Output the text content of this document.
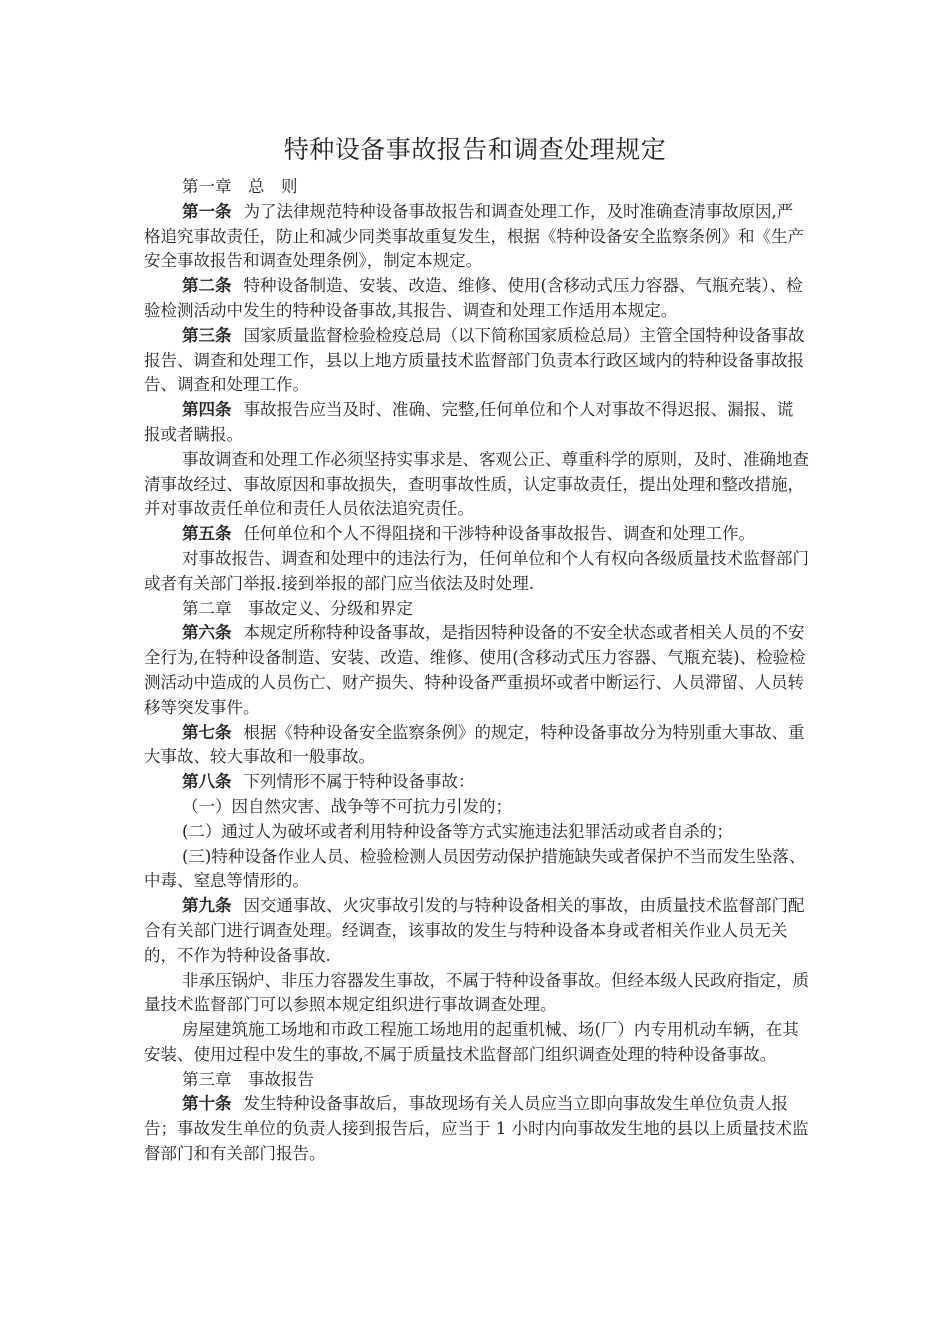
特种设备事故报告和调查处理规定

第一章　总　则

第一条 为了法律规范特种设备事故报告和调查处理工作，及时准确查清事故原因,严格追究事故责任，防止和减少同类事故重复发生，根据《特种设备安全监察条例》和《生产安全事故报告和调查处理条例》，制定本规定。

第二条 特种设备制造、安装、改造、维修、使用(含移动式压力容器、气瓶充装）、检验检测活动中发生的特种设备事故,其报告、调查和处理工作适用本规定。

第三条 国家质量监督检验检疫总局（以下简称国家质检总局）主管全国特种设备事故报告、调查和处理工作，县以上地方质量技术监督部门负责本行政区域内的特种设备事故报告、调查和处理工作。

第四条 事故报告应当及时、准确、完整,任何单位和个人对事故不得迟报、漏报、谎报或者瞒报。

事故调查和处理工作必须坚持实事求是、客观公正、尊重科学的原则，及时、准确地查清事故经过、事故原因和事故损失，查明事故性质，认定事故责任，提出处理和整改措施，并对事故责任单位和责任人员依法追究责任。

第五条 任何单位和个人不得阻挠和干涉特种设备事故报告、调查和处理工作。

对事故报告、调查和处理中的违法行为，任何单位和个人有权向各级质量技术监督部门或者有关部门举报.接到举报的部门应当依法及时处理.

第二章　事故定义、分级和界定

第六条 本规定所称特种设备事故，是指因特种设备的不安全状态或者相关人员的不安全行为,在特种设备制造、安装、改造、维修、使用(含移动式压力容器、气瓶充装)、检验检测活动中造成的人员伤亡、财产损失、特种设备严重损坏或者中断运行、人员滞留、人员转移等突发事件。

第七条 根据《特种设备安全监察条例》的规定，特种设备事故分为特别重大事故、重大事故、较大事故和一般事故。

第八条 下列情形不属于特种设备事故：

（一）因自然灾害、战争等不可抗力引发的；

(二）通过人为破坏或者利用特种设备等方式实施违法犯罪活动或者自杀的；

(三)特种设备作业人员、检验检测人员因劳动保护措施缺失或者保护不当而发生坠落、中毒、窒息等情形的。

第九条 因交通事故、火灾事故引发的与特种设备相关的事故，由质量技术监督部门配合有关部门进行调查处理。经调查，该事故的发生与特种设备本身或者相关作业人员无关的，不作为特种设备事故.

非承压锅炉、非压力容器发生事故，不属于特种设备事故。但经本级人民政府指定，质量技术监督部门可以参照本规定组织进行事故调查处理。

房屋建筑施工场地和市政工程施工场地用的起重机械、场(厂）内专用机动车辆，在其安装、使用过程中发生的事故,不属于质量技术监督部门组织调查处理的特种设备事故。

第三章　事故报告

第十条 发生特种设备事故后，事故现场有关人员应当立即向事故发生单位负责人报告；事故发生单位的负责人接到报告后，应当于 1 小时内向事故发生地的县以上质量技术监督部门和有关部门报告。
